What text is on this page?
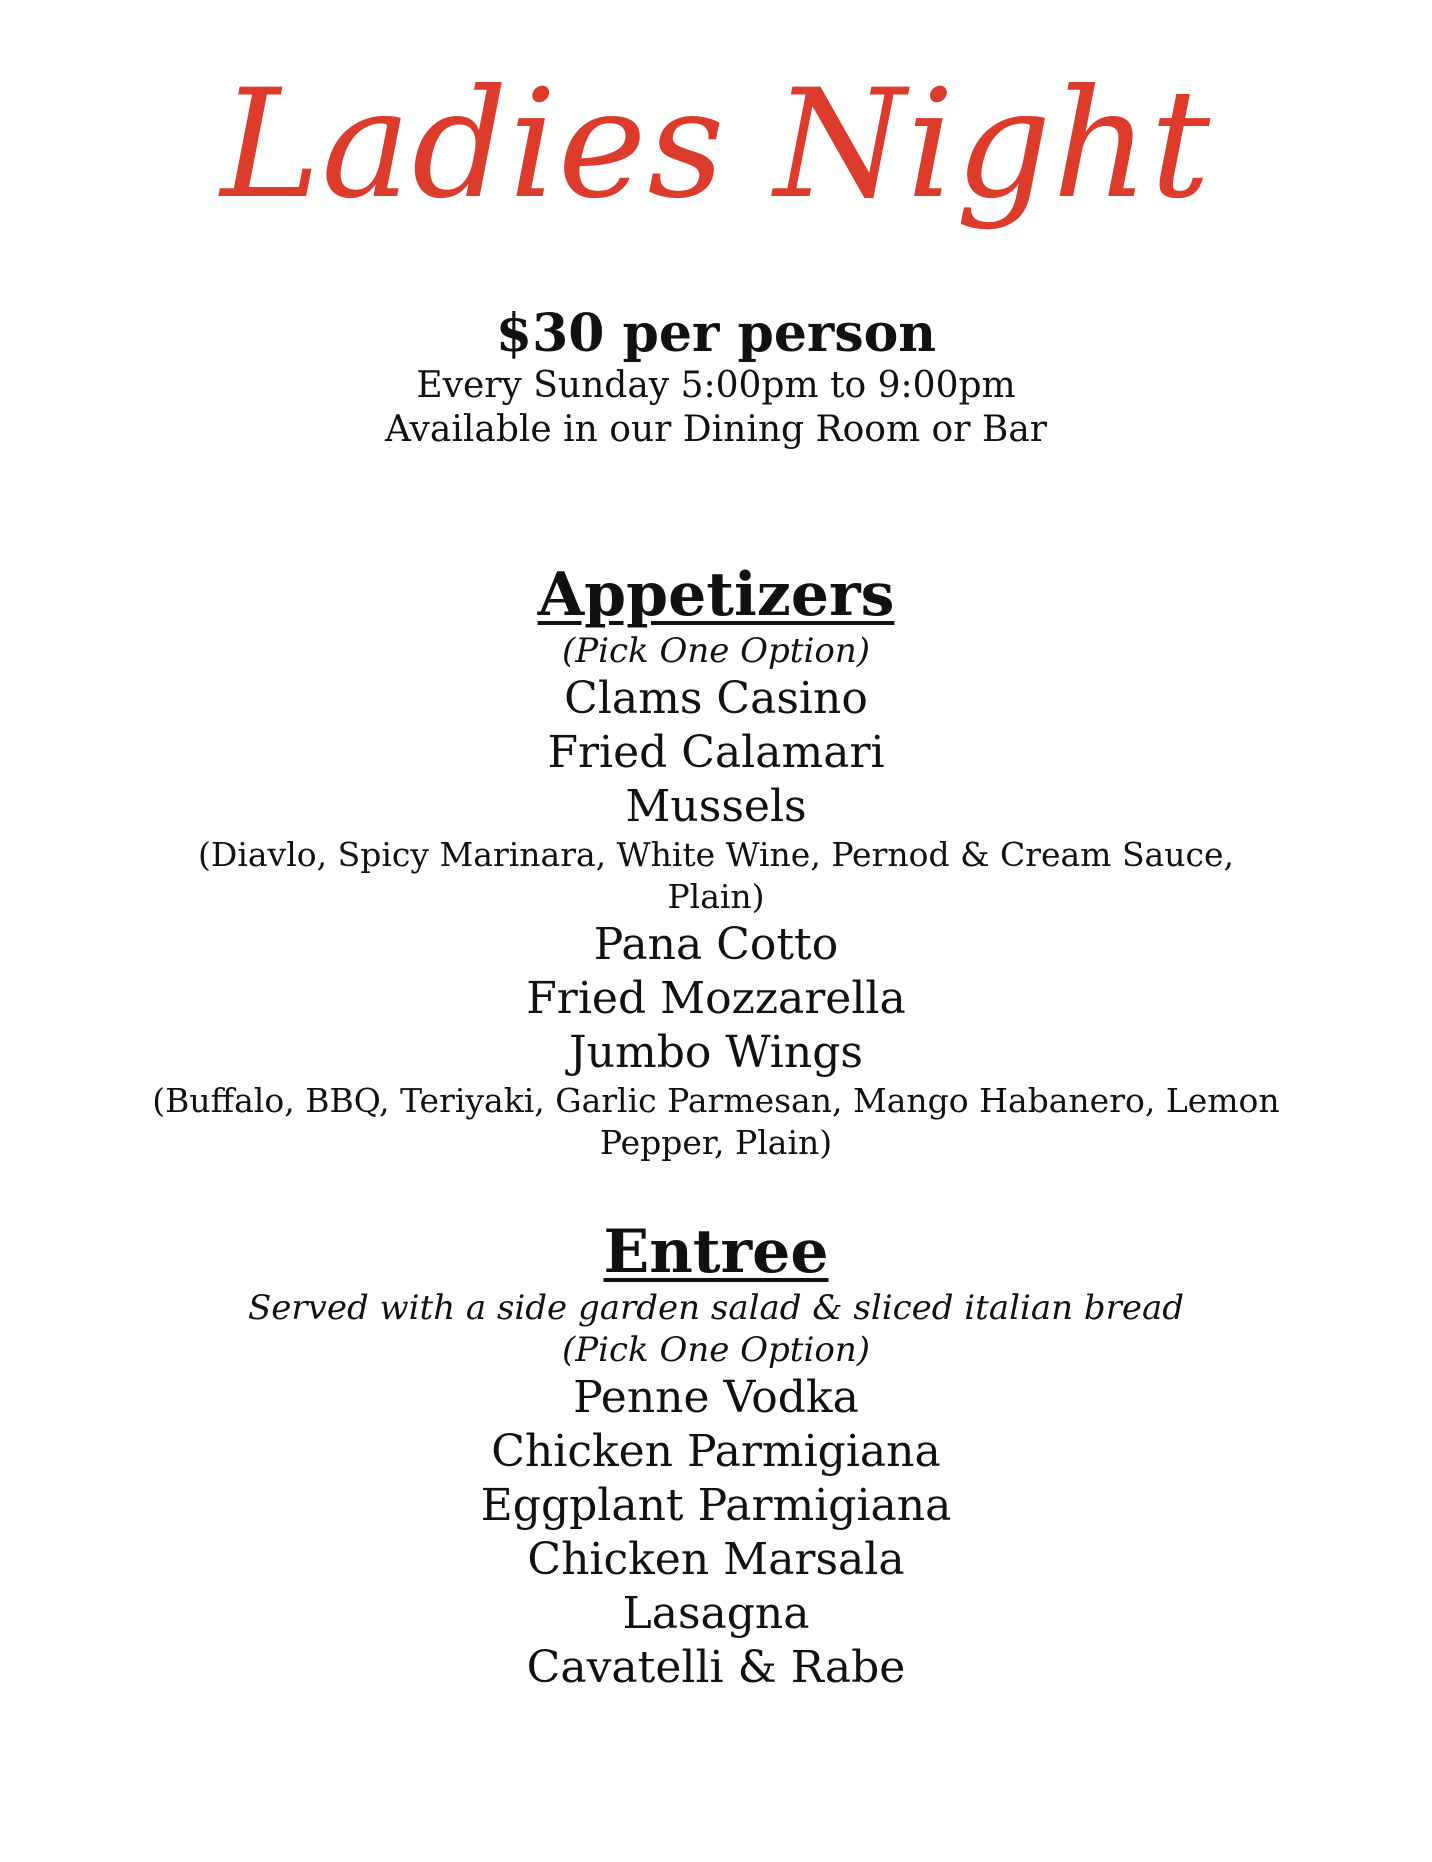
Ladies Night
$30 per person
Every Sunday 5:00pm to 9:00pm
Available in our Dining Room or Bar
Appetizers
(Pick One Option)
Clams Casino
Fried Calamari
Mussels
(Diavlo, Spicy Marinara, White Wine, Pernod & Cream Sauce, Plain)
Pana Cotto
Fried Mozzarella
Jumbo Wings
(Buffalo, BBQ, Teriyaki, Garlic Parmesan, Mango Habanero, Lemon Pepper, Plain)
Entree
Served with a side garden salad & sliced italian bread
(Pick One Option)
Penne Vodka
Chicken Parmigiana
Eggplant Parmigiana
Chicken Marsala
Lasagna
Cavatelli & Rabe
